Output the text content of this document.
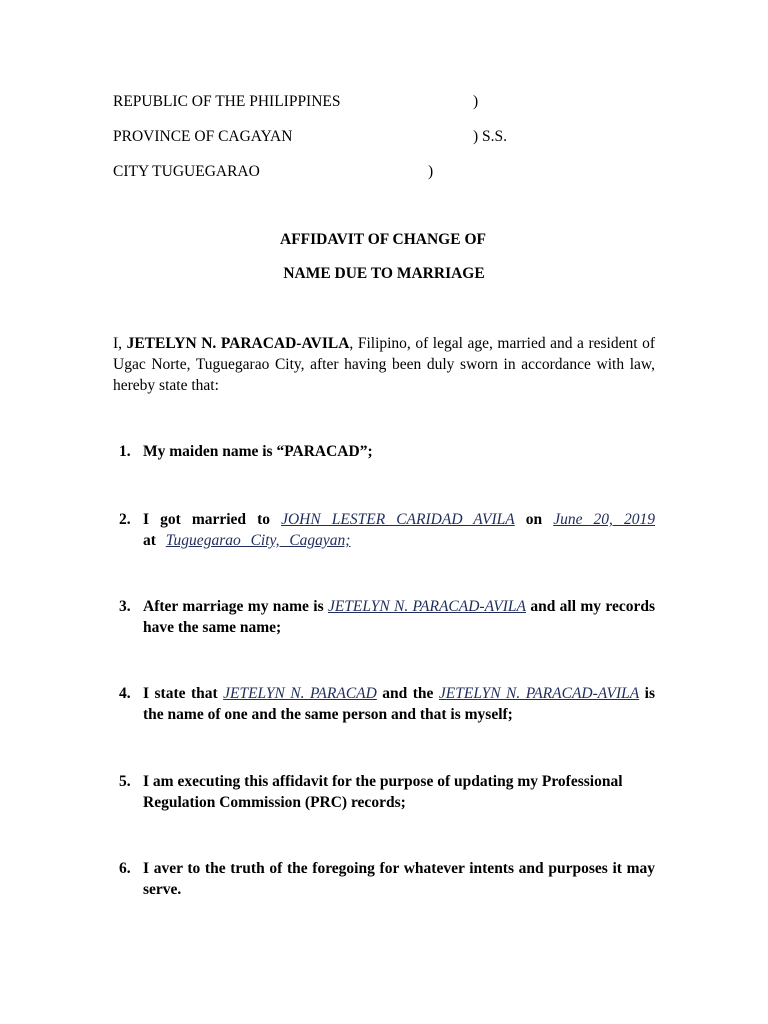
REPUBLIC OF THE PHILIPPINES	)
PROVINCE OF CAGAYAN	) S.S.
CITY TUGUEGARAO	)
AFFIDAVIT OF CHANGE OF
NAME DUE TO MARRIAGE
I, JETELYN N. PARACAD-AVILA, Filipino, of legal age, married and a resident of Ugac Norte, Tuguegarao City, after having been duly sworn in accordance with law, hereby state that:
1. My maiden name is “PARACAD”;
2. I got married to JOHN LESTER CARIDAD AVILA on June 20, 2019 at Tuguegarao City, Cagayan;
3. After marriage my name is JETELYN N. PARACAD-AVILA and all my records have the same name;
4. I state that JETELYN N. PARACAD and the JETELYN N. PARACAD-AVILA is the name of one and the same person and that is myself;
5. I am executing this affidavit for the purpose of updating my Professional Regulation Commission (PRC) records;
6. I aver to the truth of the foregoing for whatever intents and purposes it may serve.
